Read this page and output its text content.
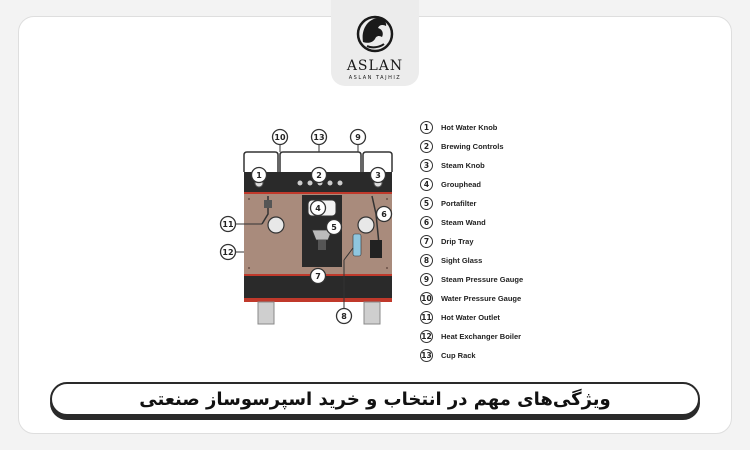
ASLAN
ASLAN TAJHIZ
1	2	3
4
5
6
7
8
9
10
11
12
13
1	Hot Water Knob
2	Brewing Controls
3	Steam Knob
4	Grouphead
5	Portafilter
6	Steam Wand
7	Drip Tray
8	Sight Glass
9	Steam Pressure Gauge
10 Water Pressure Gauge
11 Hot Water Outlet
12 Heat Exchanger Boiler
13 Cup Rack
ویژگی‌های مهم در انتخاب و خرید اسپرسوساز صنعتی
